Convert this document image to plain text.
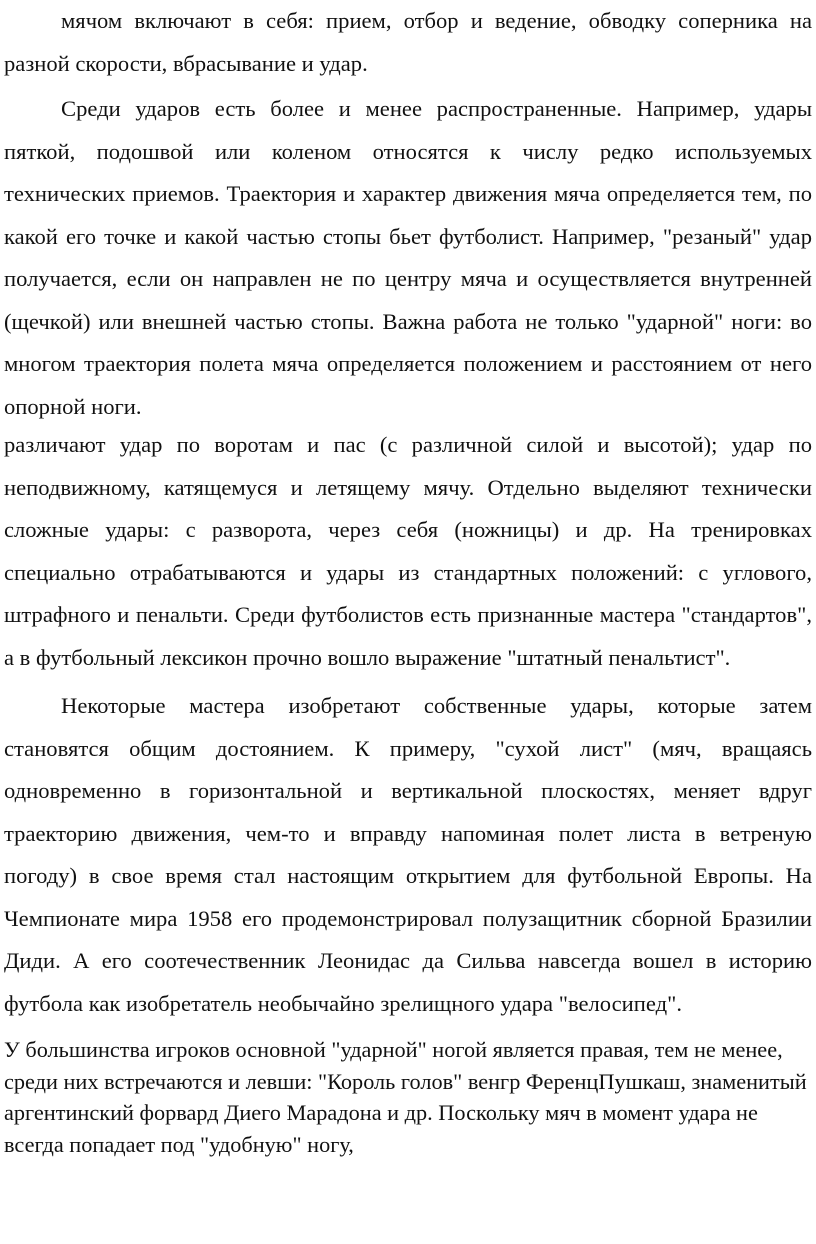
мячом включают в себя: прием, отбор и ведение, обводку соперника на разной скорости, вбрасывание и удар.

Среди ударов есть более и менее распространенные. Например, удары пяткой, подошвой или коленом относятся к числу редко используемых технических приемов. Траектория и характер движения мяча определяется тем, по какой его точке и какой частью стопы бьет футболист. Например, "резаный" удар получается, если он направлен не по центру мяча и осуществляется внутренней (щечкой) или внешней частью стопы. Важна работа не только "ударной" ноги: во многом траектория полета мяча определяется положением и расстоянием от него опорной ноги.

различают удар по воротам и пас (с различной силой и высотой); удар по неподвижному, катящемуся и летящему мячу. Отдельно выделяют технически сложные удары: с разворота, через себя (ножницы) и др. На тренировках специально отрабатываются и удары из стандартных положений: с углового, штрафного и пенальти. Среди футболистов есть признанные мастера "стандартов", а в футбольный лексикон прочно вошло выражение "штатный пенальтист".

Некоторые мастера изобретают собственные удары, которые затем становятся общим достоянием. К примеру, "сухой лист" (мяч, вращаясь одновременно в горизонтальной и вертикальной плоскостях, меняет вдруг траекторию движения, чем-то и вправду напоминая полет листа в ветреную погоду) в свое время стал настоящим открытием для футбольной Европы. На Чемпионате мира 1958 его продемонстрировал полузащитник сборной Бразилии Диди. А его соотечественник Леонидас да Сильва навсегда вошел в историю футбола как изобретатель необычайно зрелищного удара "велосипед".

У большинства игроков основной "ударной" ногой является правая, тем не менее, среди них встречаются и левши: "Король голов" венгр ФеренцПушкаш, знаменитый аргентинский форвард Диего Марадона и др. Поскольку мяч в момент удара не всегда попадает под "удобную" ногу,
